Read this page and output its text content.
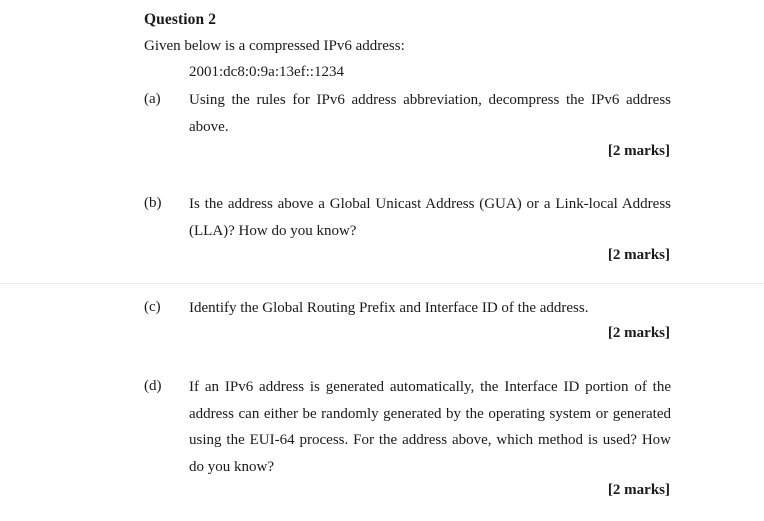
Question 2
Given below is a compressed IPv6 address:
2001:dc8:0:9a:13ef::1234
(a) Using the rules for IPv6 address abbreviation, decompress the IPv6 address above.
[2 marks]
(b) Is the address above a Global Unicast Address (GUA) or a Link-local Address (LLA)? How do you know?
[2 marks]
(c) Identify the Global Routing Prefix and Interface ID of the address.
[2 marks]
(d) If an IPv6 address is generated automatically, the Interface ID portion of the address can either be randomly generated by the operating system or generated using the EUI-64 process. For the address above, which method is used? How do you know?
[2 marks]
